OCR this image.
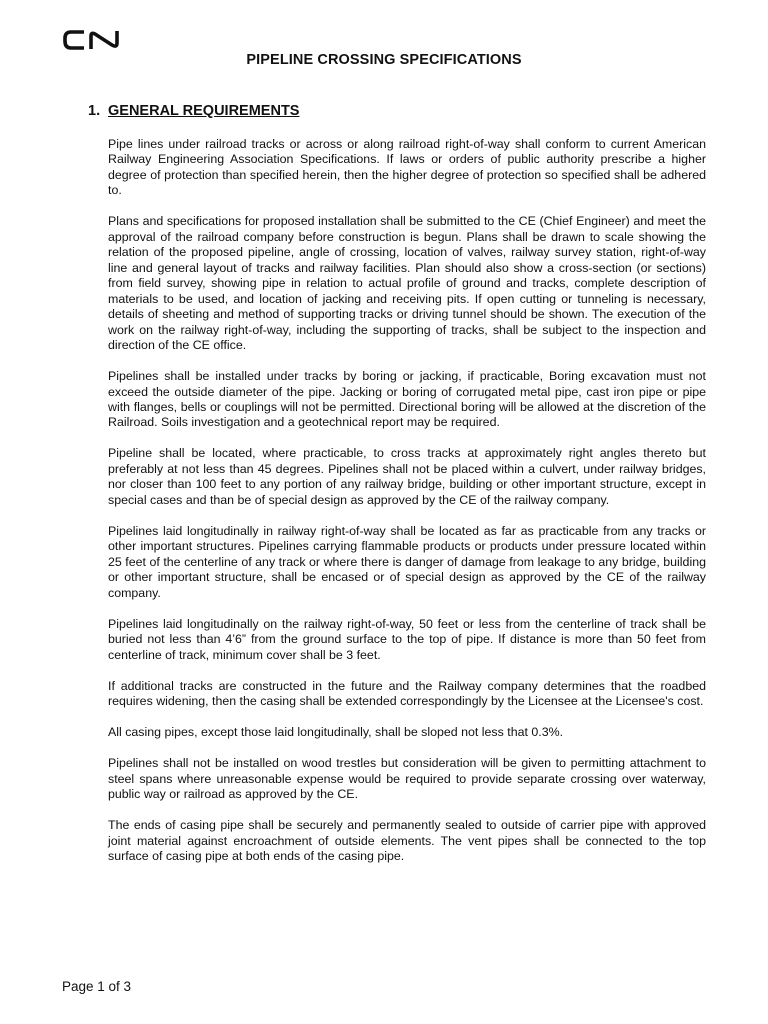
PIPELINE CROSSING SPECIFICATIONS
1. GENERAL REQUIREMENTS

Pipe lines under railroad tracks or across or along railroad right-of-way shall conform to current American Railway Engineering Association Specifications. If laws or orders of public authority prescribe a higher degree of protection than specified herein, then the higher degree of protection so specified shall be adhered to.

Plans and specifications for proposed installation shall be submitted to the CE (Chief Engineer) and meet the approval of the railroad company before construction is begun. Plans shall be drawn to scale showing the relation of the proposed pipeline, angle of crossing, location of valves, railway survey station, right-of-way line and general layout of tracks and railway facilities. Plan should also show a cross-section (or sections) from field survey, showing pipe in relation to actual profile of ground and tracks, complete description of materials to be used, and location of jacking and receiving pits. If open cutting or tunneling is necessary, details of sheeting and method of supporting tracks or driving tunnel should be shown. The execution of the work on the railway right-of-way, including the supporting of tracks, shall be subject to the inspection and direction of the CE office.

Pipelines shall be installed under tracks by boring or jacking, if practicable, Boring excavation must not exceed the outside diameter of the pipe. Jacking or boring of corrugated metal pipe, cast iron pipe or pipe with flanges, bells or couplings will not be permitted. Directional boring will be allowed at the discretion of the Railroad. Soils investigation and a geotechnical report may be required.

Pipeline shall be located, where practicable, to cross tracks at approximately right angles thereto but preferably at not less than 45 degrees. Pipelines shall not be placed within a culvert, under railway bridges, nor closer than 100 feet to any portion of any railway bridge, building or other important structure, except in special cases and than be of special design as approved by the CE of the railway company.

Pipelines laid longitudinally in railway right-of-way shall be located as far as practicable from any tracks or other important structures. Pipelines carrying flammable products or products under pressure located within 25 feet of the centerline of any track or where there is danger of damage from leakage to any bridge, building or other important structure, shall be encased or of special design as approved by the CE of the railway company.

Pipelines laid longitudinally on the railway right-of-way, 50 feet or less from the centerline of track shall be buried not less than 4’6” from the ground surface to the top of pipe. If distance is more than 50 feet from centerline of track, minimum cover shall be 3 feet.

If additional tracks are constructed in the future and the Railway company determines that the roadbed requires widening, then the casing shall be extended correspondingly by the Licensee at the Licensee's cost.

All casing pipes, except those laid longitudinally, shall be sloped not less that 0.3%.

Pipelines shall not be installed on wood trestles but consideration will be given to permitting attachment to steel spans where unreasonable expense would be required to provide separate crossing over waterway, public way or railroad as approved by the CE.

The ends of casing pipe shall be securely and permanently sealed to outside of carrier pipe with approved joint material against encroachment of outside elements. The vent pipes shall be connected to the top surface of casing pipe at both ends of the casing pipe.

Page 1 of 3
